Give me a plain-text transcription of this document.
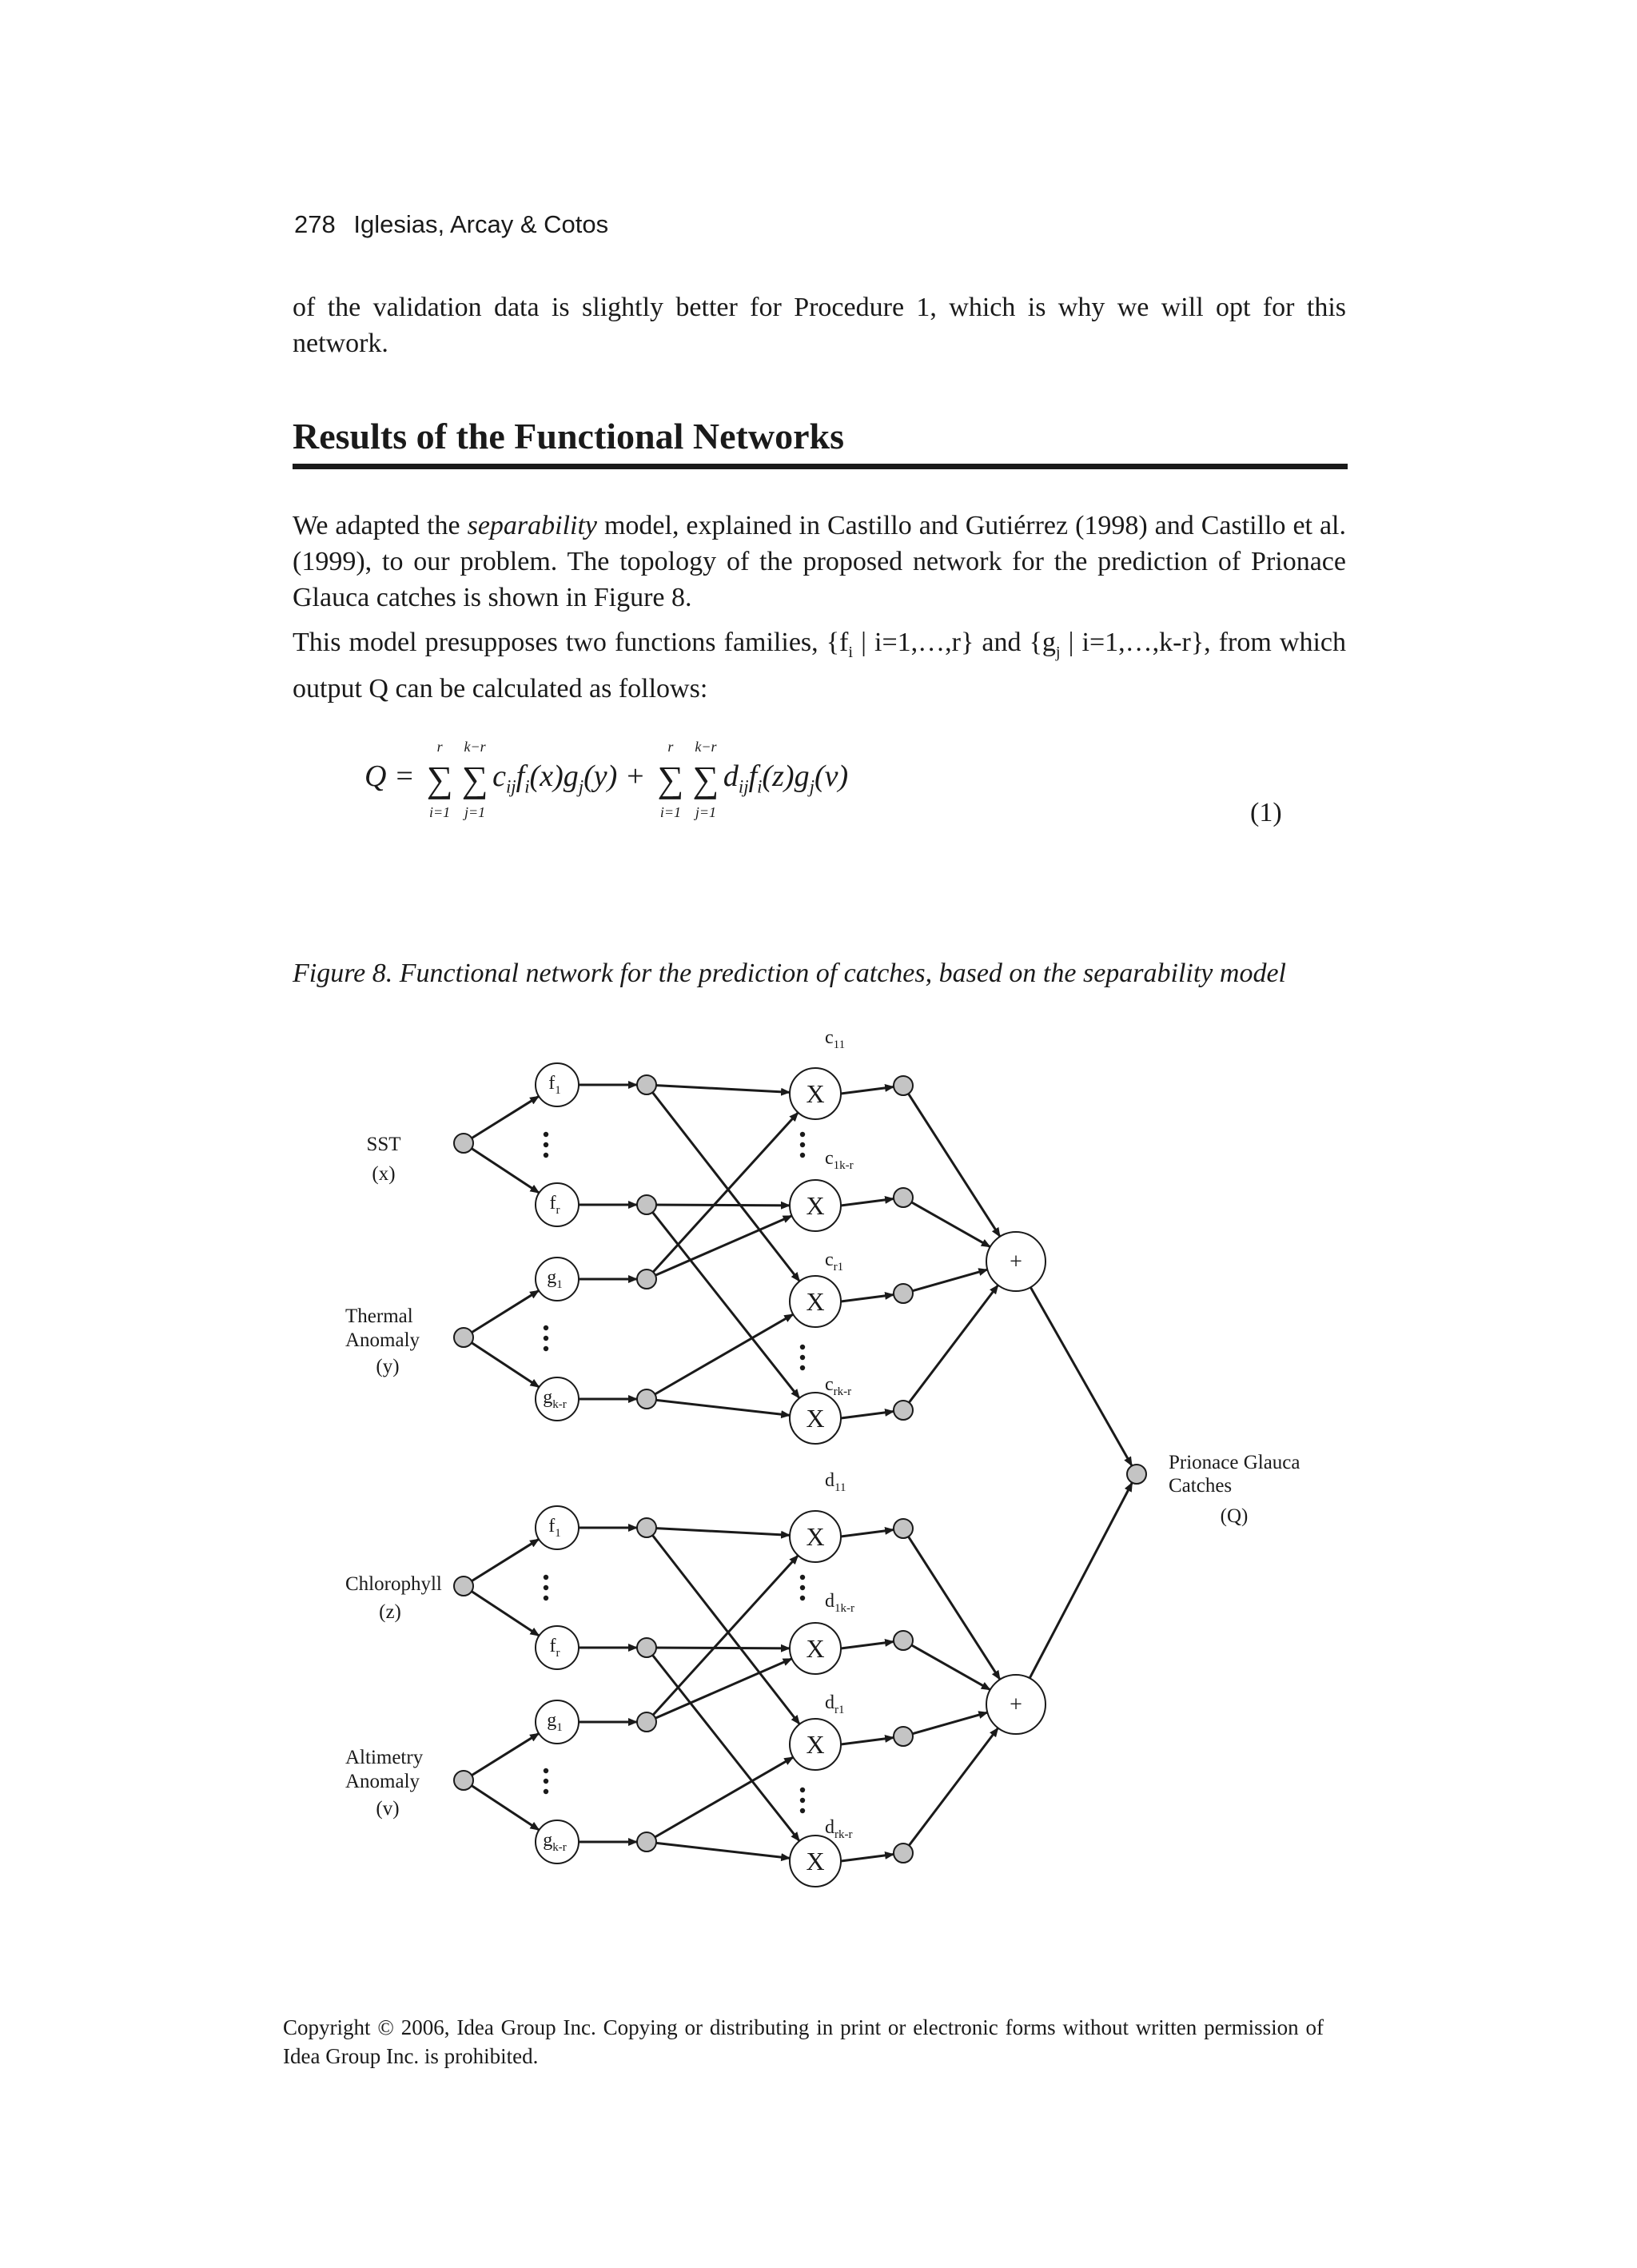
278 Iglesias, Arcay & Cotos
of the validation data is slightly better for Procedure 1, which is why we will opt for this network.
Results of the Functional Networks
We adapted the separability model, explained in Castillo and Gutiérrez (1998) and Castillo et al. (1999), to our problem. The topology of the proposed network for the prediction of Prionace Glauca catches is shown in Figure 8.
This model presupposes two functions families, {$f_i$ | i=1,…,r} and {$g_j$ | i=1,…,k-r}, from which output Q can be calculated as follows:
Q =
r
∑
i=1
k−r
∑
j=1
$c_{ij}f_i(x)g_j(y)$ +
r
∑
i=1
k−r
∑
j=1
$d_{ij}f_i(z)g_j(v)$
(1)
Figure 8. Functional network for the prediction of catches, based on the separability model
$f_1$
$f_r$
$g_1$
$g_{k-r}$
X
X
X
X
+
$c_{11}$
$c_{1k-r}$
$c_{r1}$
$c_{rk-r}$
SST
(x)
Thermal
Anomaly
(y)
$f_1$
$f_r$
$g_1$
$g_{k-r}$
X
X
X
X
+
$d_{11}$
$d_{1k-r}$
$d_{r1}$
$d_{rk-r}$
Chlorophyll
(z)
Altimetry
Anomaly
(v)
Prionace Glauca
Catches
(Q)
Copyright © 2006, Idea Group Inc. Copying or distributing in print or electronic forms without written permission of Idea Group Inc. is prohibited.
